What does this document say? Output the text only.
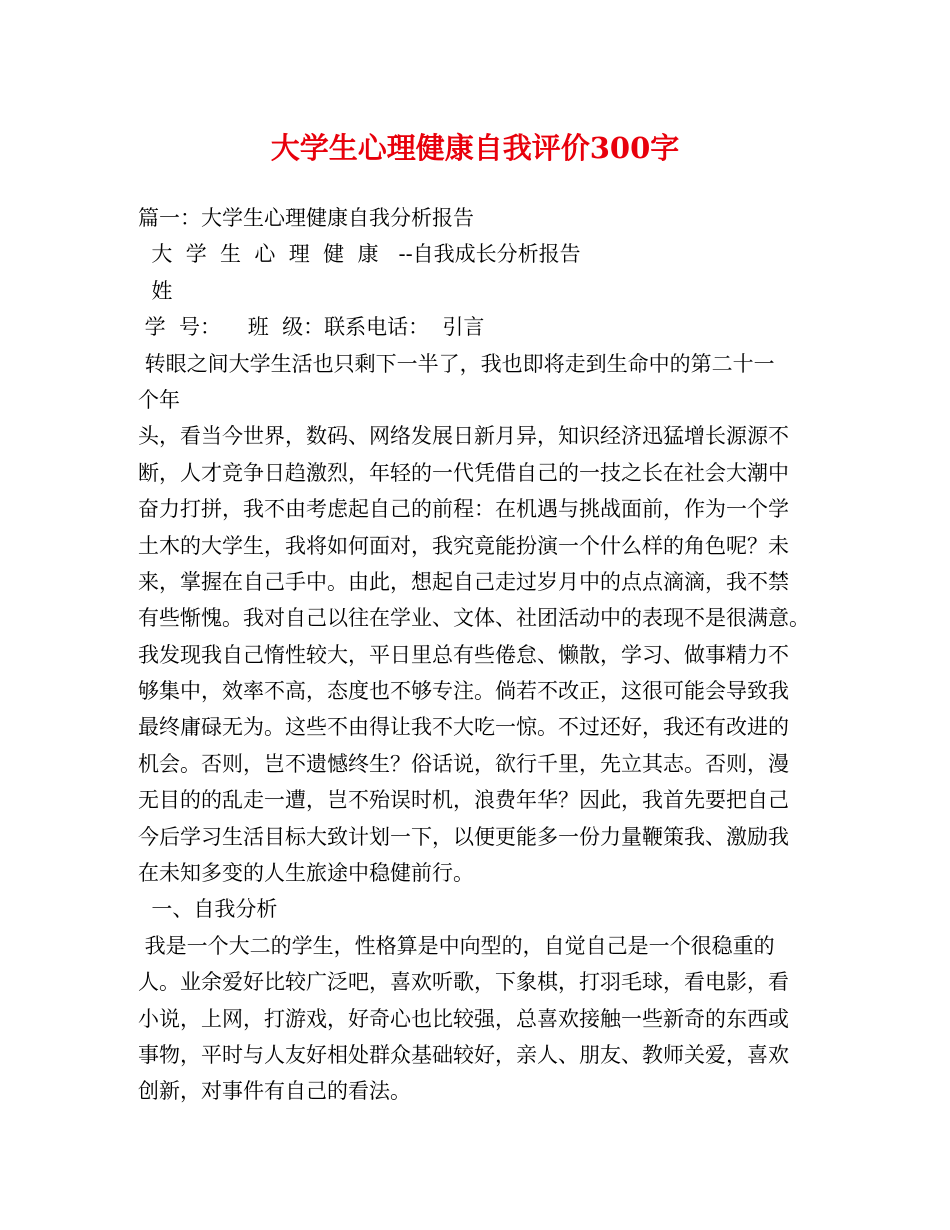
大学生心理健康自我评价300字
篇一：大学生心理健康自我分析报告
大  学  生  心  理  健  康   --自我成长分析报告
姓
学  号：    班  级：联系电话：  引言
转眼之间大学生活也只剩下一半了，我也即将走到生命中的第二十一
个年
头，看当今世界，数码、网络发展日新月异，知识经济迅猛增长源源不
断，人才竞争日趋激烈，年轻的一代凭借自己的一技之长在社会大潮中
奋力打拼，我不由考虑起自己的前程：在机遇与挑战面前，作为一个学
土木的大学生，我将如何面对，我究竟能扮演一个什么样的角色呢？未
来，掌握在自己手中。由此，想起自己走过岁月中的点点滴滴，我不禁
有些惭愧。我对自己以往在学业、文体、社团活动中的表现不是很满意。
我发现我自己惰性较大，平日里总有些倦怠、懒散，学习、做事精力不
够集中，效率不高，态度也不够专注。倘若不改正，这很可能会导致我
最终庸碌无为。这些不由得让我不大吃一惊。不过还好，我还有改进的
机会。否则，岂不遗憾终生？俗话说，欲行千里，先立其志。否则，漫
无目的的乱走一遭，岂不殆误时机，浪费年华？因此，我首先要把自己
今后学习生活目标大致计划一下，以便更能多一份力量鞭策我、激励我
在未知多变的人生旅途中稳健前行。
一、自我分析
我是一个大二的学生，性格算是中向型的，自觉自己是一个很稳重的
人。业余爱好比较广泛吧，喜欢听歌，下象棋，打羽毛球，看电影，看
小说，上网，打游戏，好奇心也比较强，总喜欢接触一些新奇的东西或
事物，平时与人友好相处群众基础较好，亲人、朋友、教师关爱，喜欢
创新，对事件有自己的看法。
